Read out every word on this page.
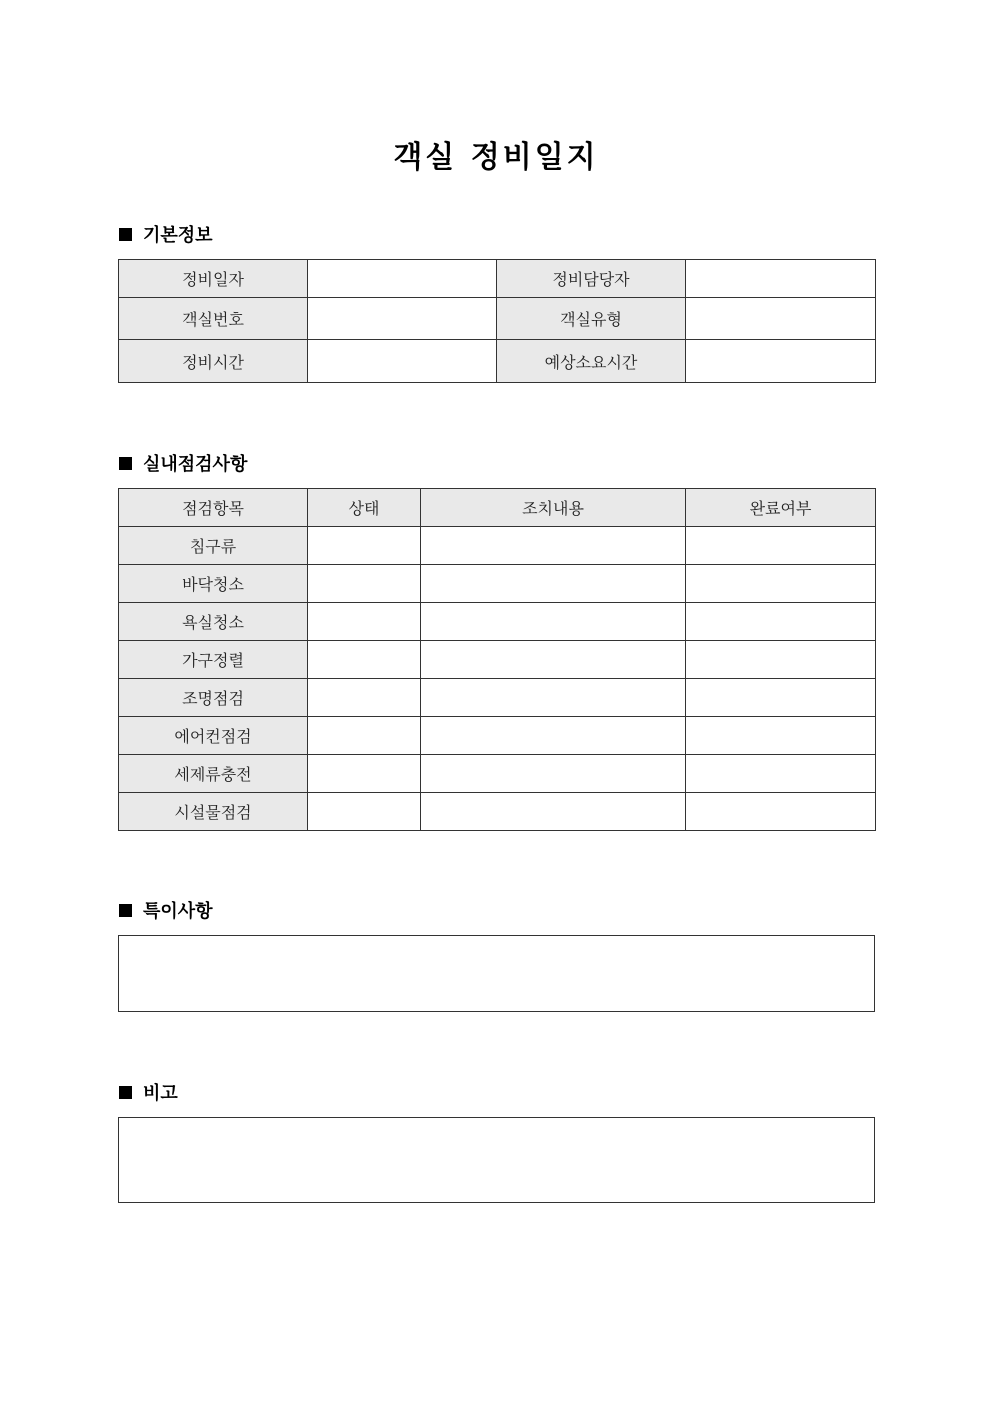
객실 정비일지
기본정보
정비일자		정비담당자	
객실번호		객실유형	
정비시간		예상소요시간	
실내점검사항
점검항목	상태	조치내용	완료여부
침구류			
바닥청소			
욕실청소			
가구정렬			
조명점검			
에어컨점검			
세제류충전			
시설물점검			
특이사항
비고
